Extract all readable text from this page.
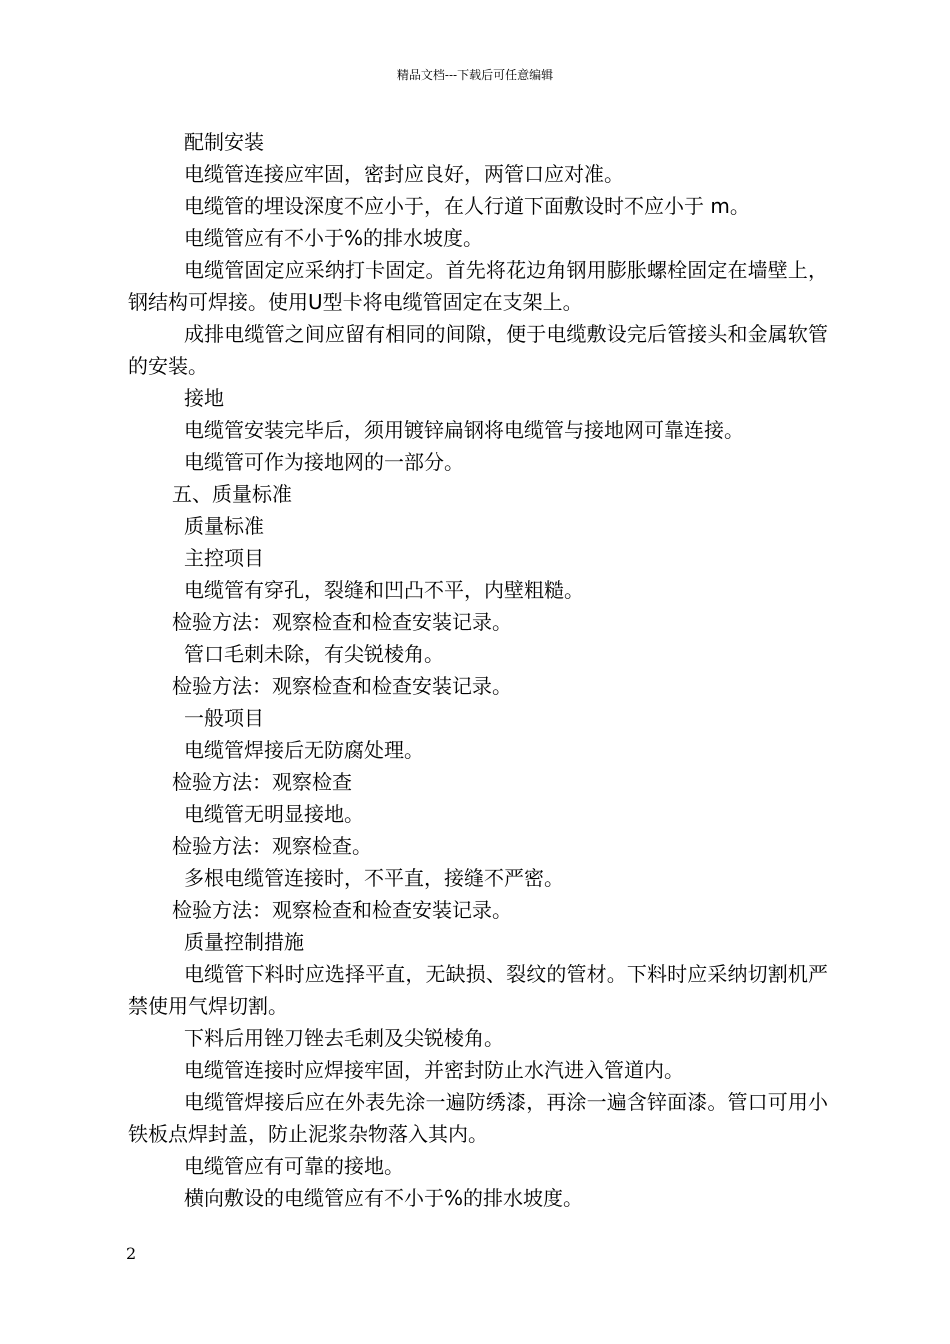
精品文档---下载后可任意编辑
配制安装
电缆管连接应牢固，密封应良好，两管口应对准。
电缆管的埋设深度不应小于，在人行道下面敷设时不应小于 m。
电缆管应有不小于%的排水坡度。
电缆管固定应采纳打卡固定。首先将花边角钢用膨胀螺栓固定在墙壁上，钢结构可焊接。使用U型卡将电缆管固定在支架上。
成排电缆管之间应留有相同的间隙，便于电缆敷设完后管接头和金属软管的安装。
接地
电缆管安装完毕后，须用镀锌扁钢将电缆管与接地网可靠连接。
电缆管可作为接地网的一部分。
五、质量标准
质量标准
主控项目
电缆管有穿孔，裂缝和凹凸不平，内壁粗糙。
检验方法：观察检查和检查安装记录。
管口毛刺未除，有尖锐棱角。
检验方法：观察检查和检查安装记录。
一般项目
电缆管焊接后无防腐处理。
检验方法：观察检查
电缆管无明显接地。
检验方法：观察检查。
多根电缆管连接时，不平直，接缝不严密。
检验方法：观察检查和检查安装记录。
质量控制措施
电缆管下料时应选择平直，无缺损、裂纹的管材。下料时应采纳切割机严禁使用气焊切割。
下料后用锉刀锉去毛刺及尖锐棱角。
电缆管连接时应焊接牢固，并密封防止水汽进入管道内。
电缆管焊接后应在外表先涂一遍防绣漆，再涂一遍含锌面漆。管口可用小铁板点焊封盖，防止泥浆杂物落入其内。
电缆管应有可靠的接地。
横向敷设的电缆管应有不小于%的排水坡度。
2
